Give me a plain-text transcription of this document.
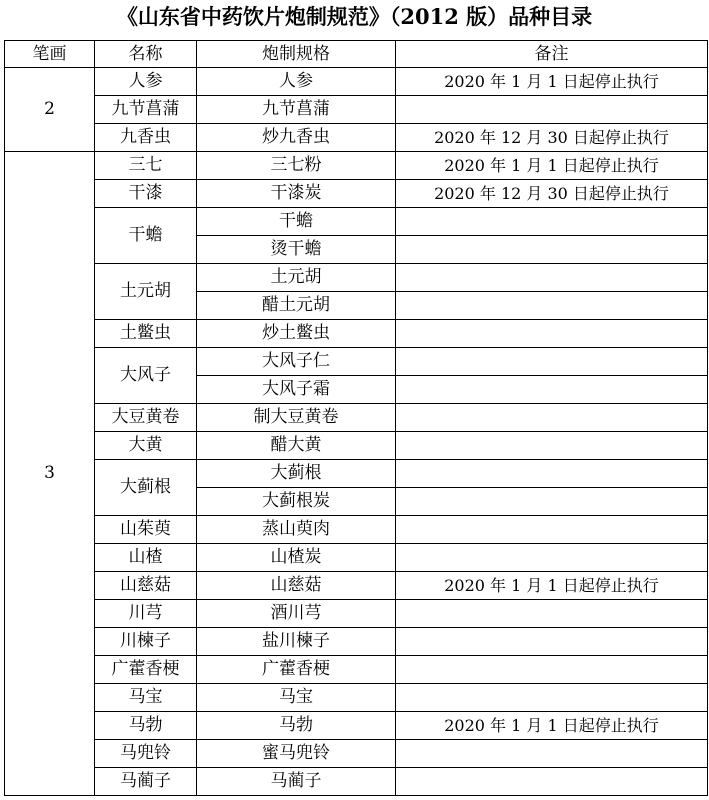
《山东省中药饮片炮制规范》（2012 版）品种目录
笔画	名称	炮制规格	备注
2	人参	人参	2020 年 1 月 1 日起停止执行
	九节菖蒲	九节菖蒲	
	九香虫	炒九香虫	2020 年 12 月 30 日起停止执行
3	三七	三七粉	2020 年 1 月 1 日起停止执行
	干漆	干漆炭	2020 年 12 月 30 日起停止执行
	干蟾	干蟾	
		烫干蟾	
	土元胡	土元胡	
		醋土元胡	
	土鳖虫	炒土鳖虫	
	大风子	大风子仁	
		大风子霜	
	大豆黄卷	制大豆黄卷	
	大黄	醋大黄	
	大蓟根	大蓟根	
		大蓟根炭	
	山茱萸	蒸山萸肉	
	山楂	山楂炭	
	山慈菇	山慈菇	2020 年 1 月 1 日起停止执行
	川芎	酒川芎	
	川楝子	盐川楝子	
	广藿香梗	广藿香梗	
	马宝	马宝	
	马勃	马勃	2020 年 1 月 1 日起停止执行
	马兜铃	蜜马兜铃	
	马蔺子	马蔺子	
